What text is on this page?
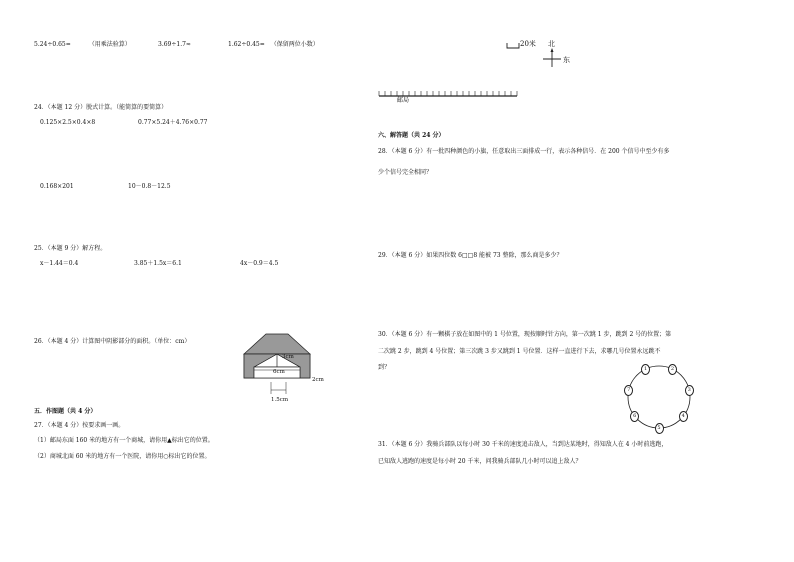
5.24÷0.65=	（用乘法验算）	3.69÷1.7≈	1.62÷0.45= （保留两位小数）
24．（本题 12 分）脱式计算。（能简算的要简算）
0.125×2.5×0.4×8	0.77×5.24＋4.76×0.77
0.168×201	10－0.8－12.5
25．（本题 9 分）解方程。
x－1.44＝0.4	3.85＋1.5x＝6.1	4x－0.9＝4.5
26．（本题 4 分）计算图中阴影部分的面积。（单位：cm）
3cm
6cm
2cm
1.5cm
五．作图题（共 4 分）
27．（本题 4 分）按要求画一画。
（1）邮局东面 160 米的地方有一个商城，请你用▲标出它的位置。
（2）商城北面 60 米的地方有一个医院，请你用○标出它的位置。
20米 北
东
邮局
六、解答题（共 24 分）
28．（本题 6 分）有一批四种颜色的小旗，任意取出三面排成一行，表示各种信号．在 200 个信号中至少有多
少个信号完全相同？
29．（本题 6 分）如果四位数 6□□8 能被 73 整除，那么商是多少？
30．（本题 6 分）有一颗棋子放在如图中的 1 号位置，现按顺时针方向，第一次跳 1 步，跳到 2 号的位置；第
二次跳 2 步，跳到 4 号位置；第三次跳 3 步又跳到 1 号位置．这样一直进行下去，求哪几号位置永远跳不
到？	1	2
3
4
5
6
7
31．（本题 6 分）我骑兵部队以每小时 30 千米的速度追击敌人，当到达某地时，得知敌人在 4 小时前逃跑，
已知敌人逃跑的速度是每小时 20 千米，问我骑兵部队几小时可以追上敌人？
